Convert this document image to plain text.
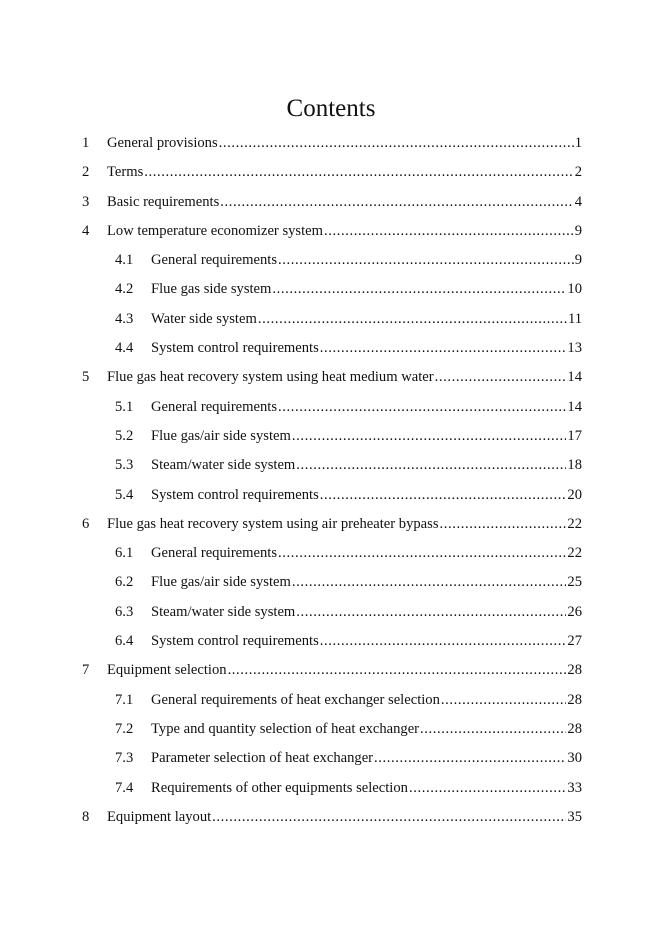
Contents
1	General provisions .....	1
2	Terms .....	2
3	Basic requirements .....	4
4	Low temperature economizer system .....	9
4.1	General requirements .....	9
4.2	Flue gas side system .....	10
4.3	Water side system .....	11
4.4	System control requirements .....	13
5	Flue gas heat recovery system using heat medium water .....	14
5.1	General requirements .....	14
5.2	Flue gas/air side system .....	17
5.3	Steam/water side system .....	18
5.4	System control requirements .....	20
6	Flue gas heat recovery system using air preheater bypass .....	22
6.1	General requirements .....	22
6.2	Flue gas/air side system .....	25
6.3	Steam/water side system .....	26
6.4	System control requirements .....	27
7	Equipment selection .....	28
7.1	General requirements of heat exchanger selection .....	28
7.2	Type and quantity selection of heat exchanger .....	28
7.3	Parameter selection of heat exchanger .....	30
7.4	Requirements of other equipments selection .....	33
8	Equipment layout .....	35
